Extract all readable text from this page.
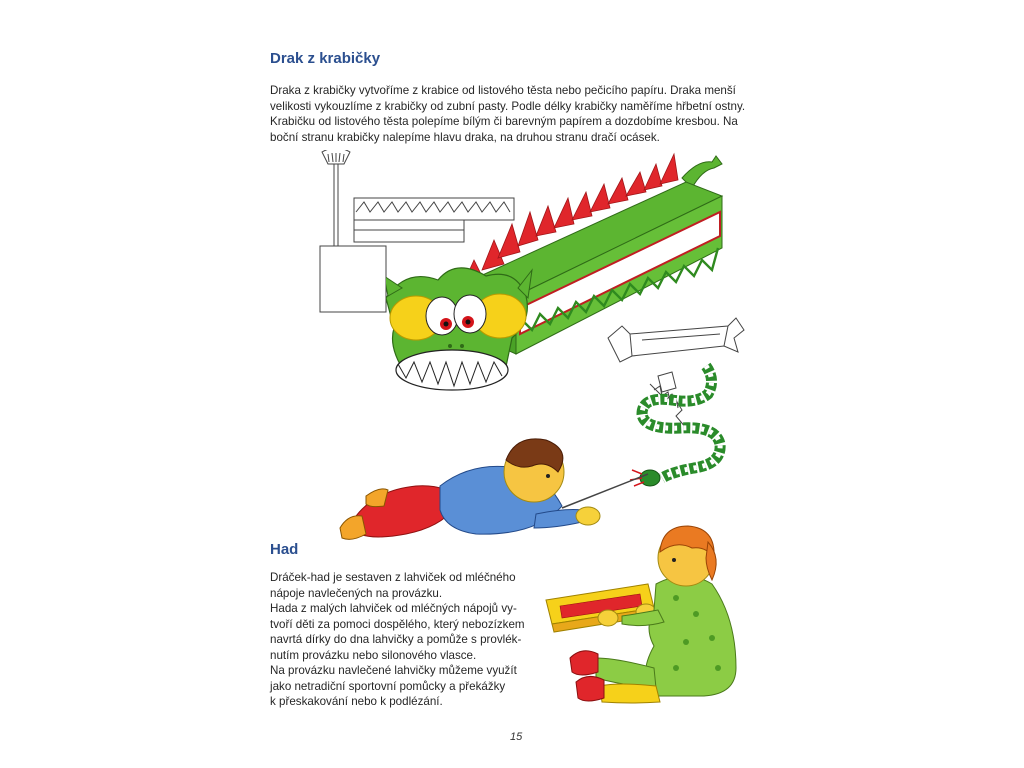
Drak z krabičky
Draka z krabičky vytvoříme z krabice od listového těsta nebo pečicího papíru. Draka menší
velikosti vykouzlíme z krabičky od zubní pasty. Podle délky krabičky naměříme hřbetní ostny.
Krabičku od listového těsta polepíme bílým či barevným papírem a dozdobíme kresbou. Na
boční stranu krabičky nalepíme hlavu draka, na druhou stranu dračí ocásek.
Had
Dráček-had je sestaven z lahviček od mléčného
nápoje navlečených na provázku.
Hada z malých lahviček od mléčných nápojů vy-
tvoří děti za pomoci dospělého, který nebozízkem
navrtá dírky do dna lahvičky a pomůže s provlék-
nutím provázku nebo silonového vlasce.
Na provázku navlečené lahvičky můžeme využít
jako netradiční sportovní pomůcky a překážky
k přeskakování nebo k podlézání.
15
